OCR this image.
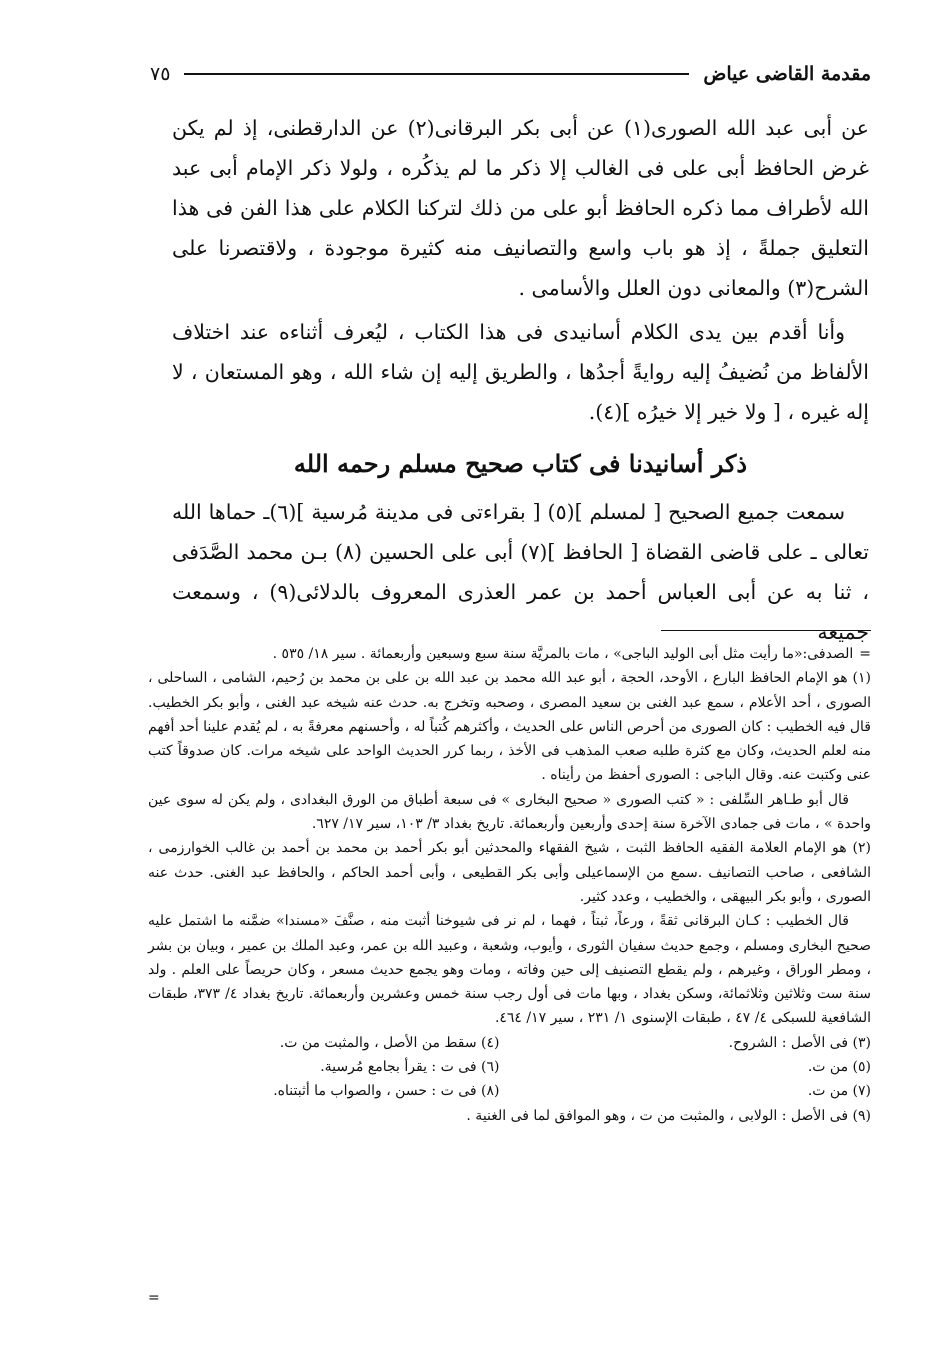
مقدمة القاضى عياض
٧٥

عن أبى عبد الله الصورى(١) عن أبى بكر البرقانى(٢) عن الدارقطنى، إذ لم يكن غرض الحافظ أبى على فى الغالب إلا ذكر ما لم يذكُره ، ولولا ذكر الإمام أبى عبد الله لأطراف مما ذكره الحافظ أبو على من ذلك لتركنا الكلام على هذا الفن فى هذا التعليق جملةً ، إذ هو باب واسع والتصانيف منه كثيرة موجودة ، ولاقتصرنا على الشرح(٣) والمعانى دون العلل والأسامى .

وأنا أقدم بين يدى الكلام أسانيدى فى هذا الكتاب ، ليُعرف أثناءه عند اختلاف الألفاظ من نُضيفُ إليه روايةً أجدُها ، والطريق إليه إن شاء الله ، وهو المستعان ، لا إله غيره ، [ ولا خير إلا خيرُه ](٤).

ذكر أسانيدنا فى كتاب صحيح مسلم رحمه الله

سمعت جميع الصحيح [ لمسلم ](٥) [ بقراءتى فى مدينة مُرسية ](٦)ـ حماها الله تعالى ـ على قاضى القضاة [ الحافظ ](٧) أبى على الحسين (٨) بـن محمد الصَّدَفى ، ثنا به عن أبى العباس أحمد بن عمر العذرى المعروف بالدلائى(٩) ، وسمعت جميعه

=الصدفى:«ما رأيت مثل أبى الوليد الباجى» ، مات بالمريَّة سنة سبع وسبعين وأربعمائة . سير ١٨/ ٥٣٥ .

(١) هو الإمام الحافظ البارع ، الأوحد، الحجة ، أبو عبد الله محمد بن عبد الله بن على بن محمد بن رُحيم، الشامى ، الساحلى ، الصورى ، أحد الأعلام ، سمع عبد الغنى بن سعيد المصرى ، وصحبه وتخرج به. حدث عنه شيخه عبد الغنى ، وأبو بكر الخطيب. قال فيه الخطيب : كان الصورى من أحرص الناس على الحديث ، وأكثرهم كُتباً له ، وأحسنهم معرفةً به ، لم يُقدم علينا أحد أفهم منه لعلم الحديث، وكان مع كثرة طلبه صعب المذهب فى الأخذ ، ربما كرر الحديث الواحد على شيخه مرات. كان صدوقاً كتب عنى وكتبت عنه. وقال الباجى : الصورى أحفظ من رأيناه .

قال أبو طـاهر السِّلفى : « كتب الصورى « صحيح البخارى » فى سبعة أطباق من الورق البغدادى ، ولم يكن له سوى عين واحدة » ، مات فى جمادى الآخرة سنة إحدى وأربعين وأربعمائة. تاريخ بغداد ٣/ ١٠٣، سير ١٧/ ٦٢٧.

(٢) هو الإمام العلامة الفقيه الحافظ الثبت ، شيخ الفقهاء والمحدثين أبو بكر أحمد بن محمد بن أحمد بن غالب الخوارزمى ، الشافعى ، صاحب التصانيف .سمع من الإسماعيلى وأبى بكر القطيعى ، وأبى أحمد الحاكم ، والحافظ عبد الغنى. حدث عنه الصورى ، وأبو بكر البيهقى ، والخطيب ، وعدد كثير.

قال الخطيب : كـان البرقانى ثقةً ، ورعاً، ثبتاً ، فهما ، لم نر فى شيوخنا أثبت منه ، صنَّفَ «مسندا» ضمَّنه ما اشتمل عليه صحيح البخارى ومسلم ، وجمع حديث سفيان الثورى ، وأيوب، وشعبة ، وعبيد الله بن عمر، وعبد الملك بن عمير ، وبيان بن بشر ، ومطر الوراق ، وغيرهم ، ولم يقطع التصنيف إلى حين وفاته ، ومات وهو يجمع حديث مسعر ، وكان حريصاً على العلم . ولد سنة ست وثلاثين وثلاثمائة، وسكن بغداد ، وبها مات فى أول رجب سنة خمس وعشرين وأربعمائة. تاريخ بغداد ٤/ ٣٧٣، طبقات الشافعية للسبكى ٤/ ٤٧ ، طبقات الإسنوى ١/ ٢٣١ ، سير ١٧/ ٤٦٤.

(٣) فى الأصل : الشروح.

(٤) سقط من الأصل ، والمثبت من ت.

(٥) من ت.

(٦) فى ت : يقرأ بجامع مُرسية.

(٧) من ت.

(٨) فى ت : حسن ، والصواب ما أثبتناه.

(٩) فى الأصل : الولابى ، والمثبت من ت ، وهو الموافق لما فى الغنية .

=
